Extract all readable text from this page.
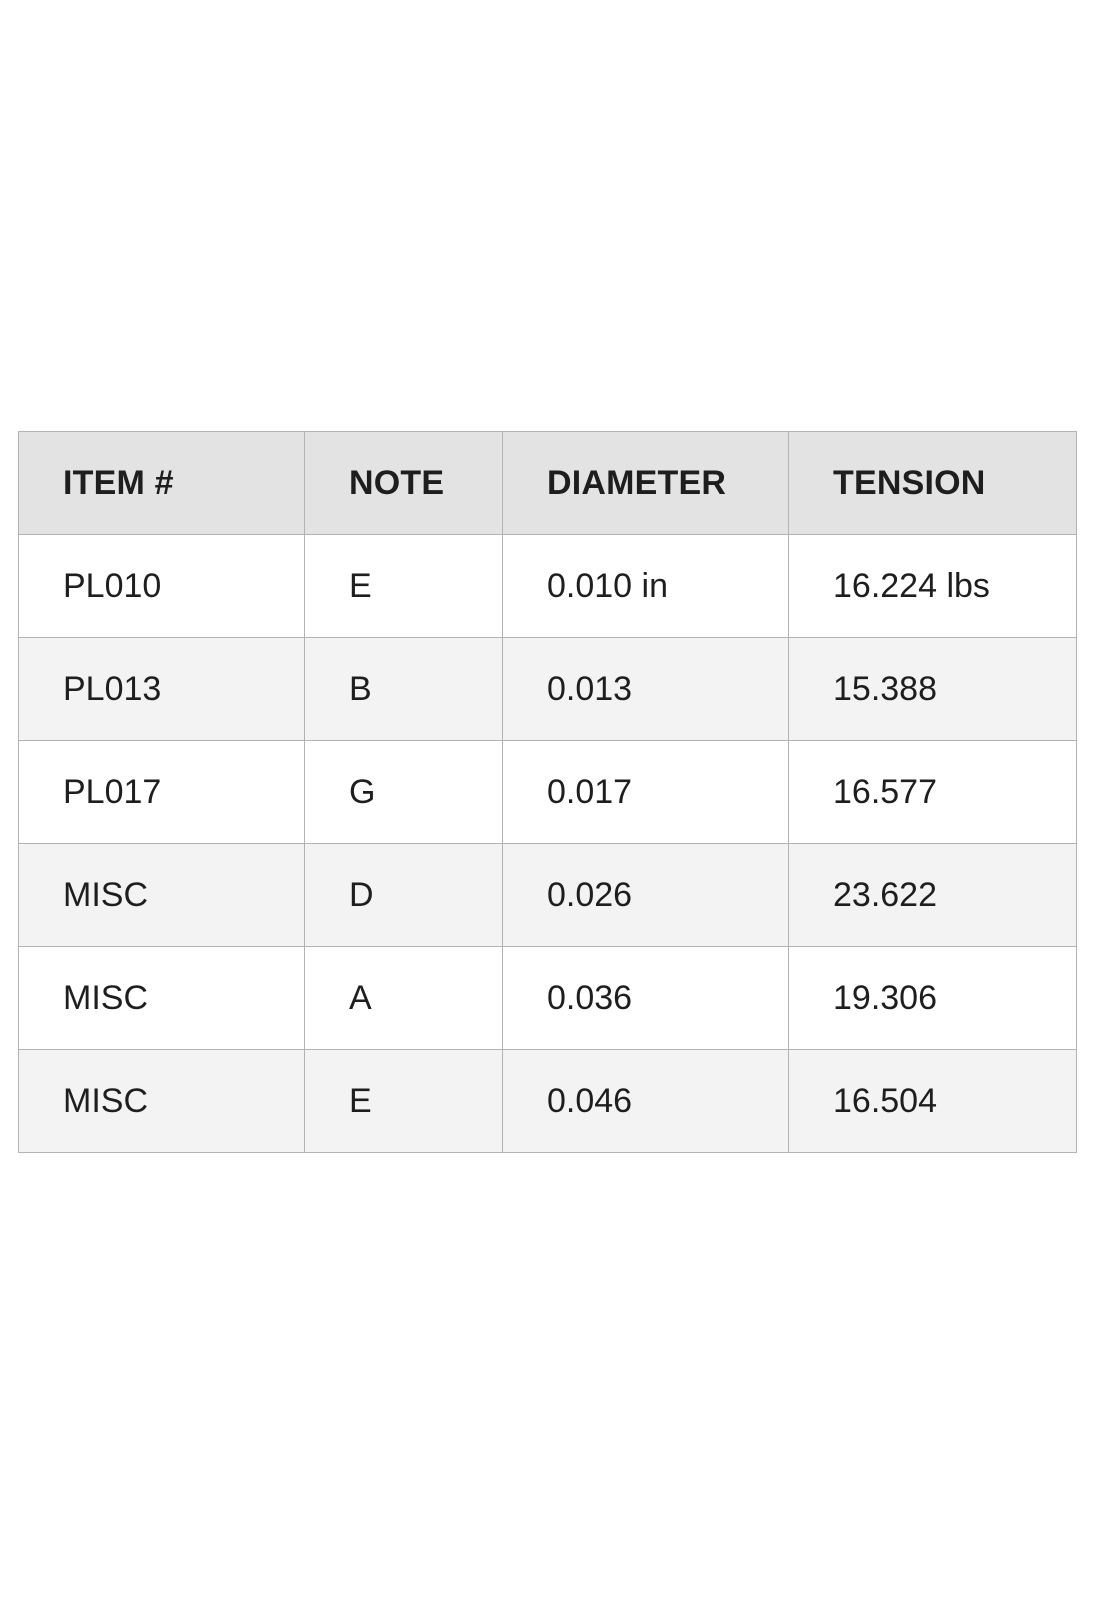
ITEM #	NOTE	DIAMETER	TENSION
PL010	E	0.010 in	16.224 lbs
PL013	B	0.013	15.388
PL017	G	0.017	16.577
MISC	D	0.026	23.622
MISC	A	0.036	19.306
MISC	E	0.046	16.504
